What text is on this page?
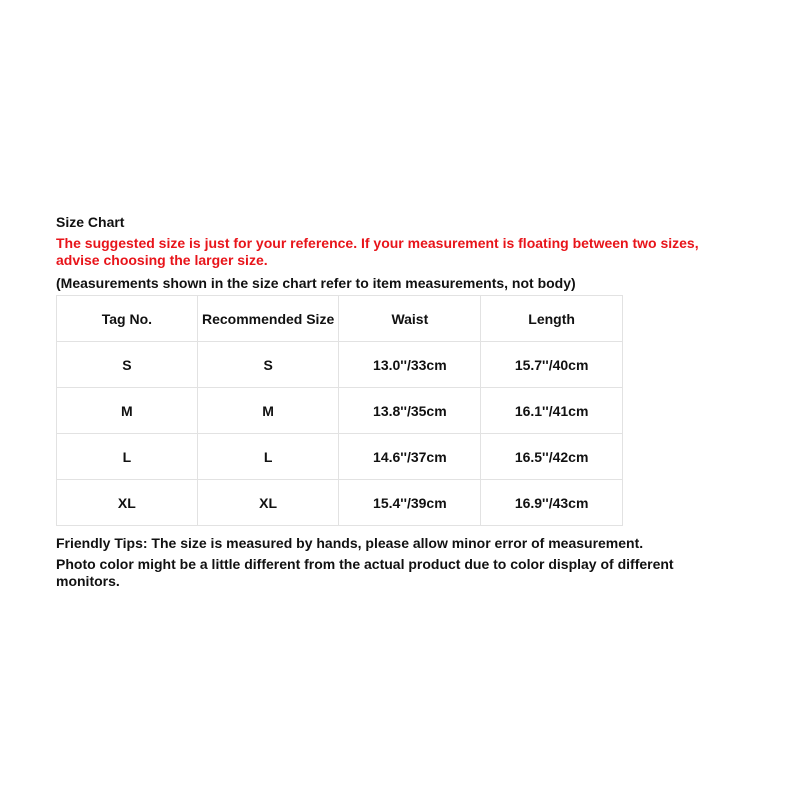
Size Chart

The suggested size is just for your reference. If your measurement is floating between two sizes, advise choosing the larger size.

(Measurements shown in the size chart refer to item measurements, not body)

Tag No.	Recommended Size	Waist	Length
S	S	13.0''/33cm	15.7''/40cm
M	M	13.8''/35cm	16.1''/41cm
L	L	14.6''/37cm	16.5''/42cm
XL	XL	15.4''/39cm	16.9''/43cm

Friendly Tips: The size is measured by hands, please allow minor error of measurement.

Photo color might be a little different from the actual product due to color display of different monitors.
